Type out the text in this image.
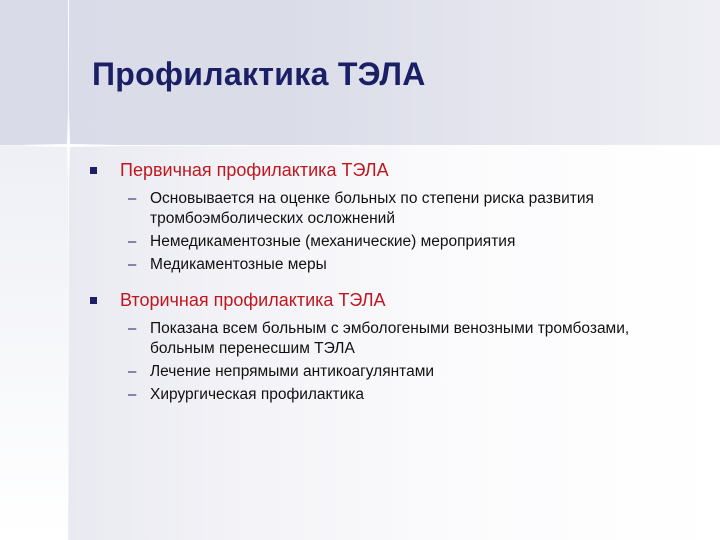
Профилактика ТЭЛА
Первичная профилактика ТЭЛА
– Основывается на оценке больных по степени риска развития тромбоэмболических осложнений
– Немедикаментозные (механические) мероприятия
– Медикаментозные меры
Вторичная профилактика ТЭЛА
– Показана всем больным с эмбологеными венозными тромбозами, больным перенесшим ТЭЛА
– Лечение непрямыми антикоагулянтами
– Хирургическая профилактика
